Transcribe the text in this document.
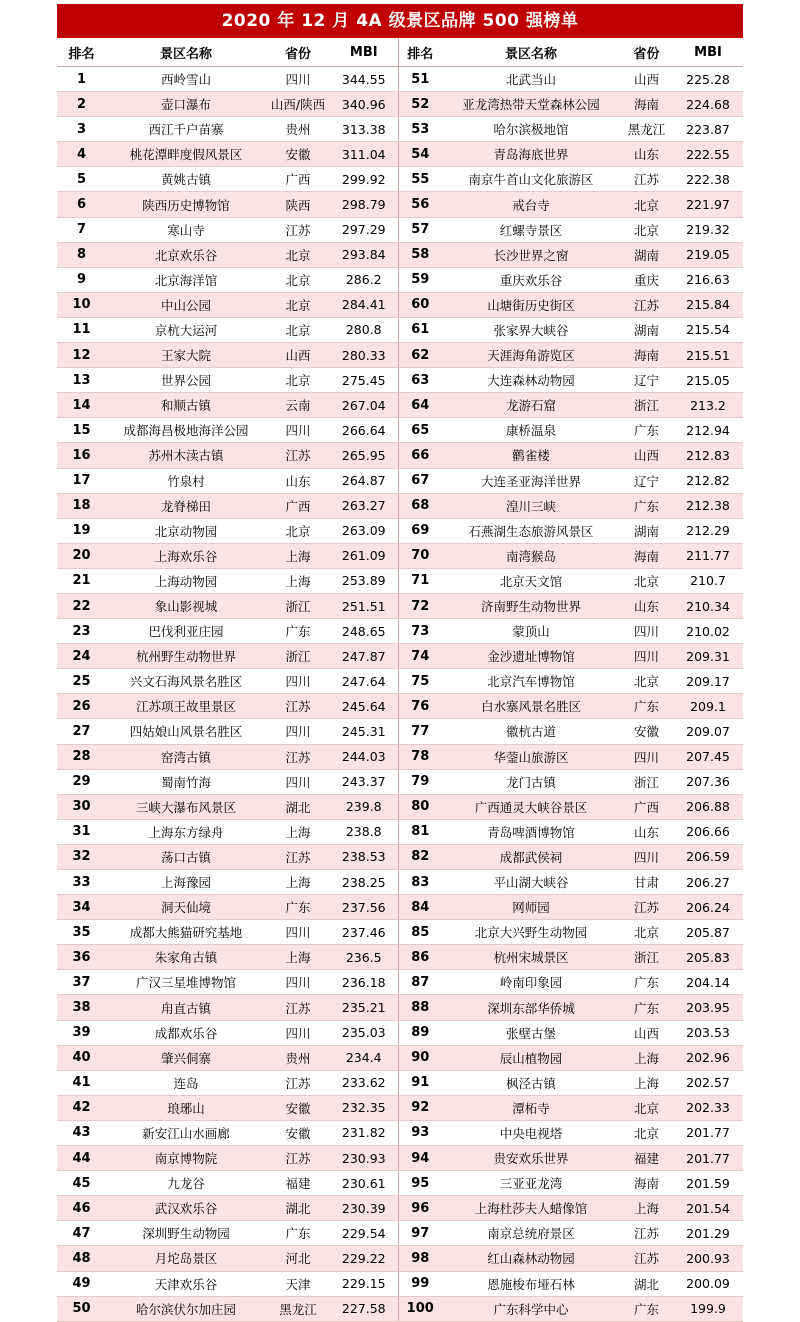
2020 年 12 月 4A 级景区品牌 500 强榜单
排名	景区名称	省份	MBI	排名	景区名称	省份	MBI
1	西岭雪山	四川	344.55	51	北武当山	山西	225.28
2	壶口瀑布	山西/陕西	340.96	52	亚龙湾热带天堂森林公园	海南	224.68
3	西江千户苗寨	贵州	313.38	53	哈尔滨极地馆	黑龙江	223.87
4	桃花潭畔度假风景区	安徽	311.04	54	青岛海底世界	山东	222.55
5	黄姚古镇	广西	299.92	55	南京牛首山文化旅游区	江苏	222.38
6	陕西历史博物馆	陕西	298.79	56	戒台寺	北京	221.97
7	寒山寺	江苏	297.29	57	红螺寺景区	北京	219.32
8	北京欢乐谷	北京	293.84	58	长沙世界之窗	湖南	219.05
9	北京海洋馆	北京	286.2	59	重庆欢乐谷	重庆	216.63
10	中山公园	北京	284.41	60	山塘街历史街区	江苏	215.84
11	京杭大运河	北京	280.8	61	张家界大峡谷	湖南	215.54
12	王家大院	山西	280.33	62	天涯海角游览区	海南	215.51
13	世界公园	北京	275.45	63	大连森林动物园	辽宁	215.05
14	和顺古镇	云南	267.04	64	龙游石窟	浙江	213.2
15	成都海昌极地海洋公园	四川	266.64	65	康桥温泉	广东	212.94
16	苏州木渎古镇	江苏	265.95	66	鹳雀楼	山西	212.83
17	竹泉村	山东	264.87	67	大连圣亚海洋世界	辽宁	212.82
18	龙脊梯田	广西	263.27	68	湟川三峡	广东	212.38
19	北京动物园	北京	263.09	69	石燕湖生态旅游风景区	湖南	212.29
20	上海欢乐谷	上海	261.09	70	南湾猴岛	海南	211.77
21	上海动物园	上海	253.89	71	北京天文馆	北京	210.7
22	象山影视城	浙江	251.51	72	济南野生动物世界	山东	210.34
23	巴伐利亚庄园	广东	248.65	73	蒙顶山	四川	210.02
24	杭州野生动物世界	浙江	247.87	74	金沙遗址博物馆	四川	209.31
25	兴文石海风景名胜区	四川	247.64	75	北京汽车博物馆	北京	209.17
26	江苏项王故里景区	江苏	245.64	76	白水寨风景名胜区	广东	209.1
27	四姑娘山风景名胜区	四川	245.31	77	徽杭古道	安徽	209.07
28	窑湾古镇	江苏	244.03	78	华蓥山旅游区	四川	207.45
29	蜀南竹海	四川	243.37	79	龙门古镇	浙江	207.36
30	三峡大瀑布风景区	湖北	239.8	80	广西通灵大峡谷景区	广西	206.88
31	上海东方绿舟	上海	238.8	81	青岛啤酒博物馆	山东	206.66
32	荡口古镇	江苏	238.53	82	成都武侯祠	四川	206.59
33	上海豫园	上海	238.25	83	平山湖大峡谷	甘肃	206.27
34	洞天仙境	广东	237.56	84	网师园	江苏	206.24
35	成都大熊猫研究基地	四川	237.46	85	北京大兴野生动物园	北京	205.87
36	朱家角古镇	上海	236.5	86	杭州宋城景区	浙江	205.83
37	广汉三星堆博物馆	四川	236.18	87	岭南印象园	广东	204.14
38	甪直古镇	江苏	235.21	88	深圳东部华侨城	广东	203.95
39	成都欢乐谷	四川	235.03	89	张壁古堡	山西	203.53
40	肇兴侗寨	贵州	234.4	90	辰山植物园	上海	202.96
41	连岛	江苏	233.62	91	枫泾古镇	上海	202.57
42	琅琊山	安徽	232.35	92	潭柘寺	北京	202.33
43	新安江山水画廊	安徽	231.82	93	中央电视塔	北京	201.77
44	南京博物院	江苏	230.93	94	贵安欢乐世界	福建	201.77
45	九龙谷	福建	230.61	95	三亚亚龙湾	海南	201.59
46	武汉欢乐谷	湖北	230.39	96	上海杜莎夫人蜡像馆	上海	201.54
47	深圳野生动物园	广东	229.54	97	南京总统府景区	江苏	201.29
48	月坨岛景区	河北	229.22	98	红山森林动物园	江苏	200.93
49	天津欢乐谷	天津	229.15	99	恩施梭布垭石林	湖北	200.09
50	哈尔滨伏尔加庄园	黑龙江	227.58	100	广东科学中心	广东	199.9
